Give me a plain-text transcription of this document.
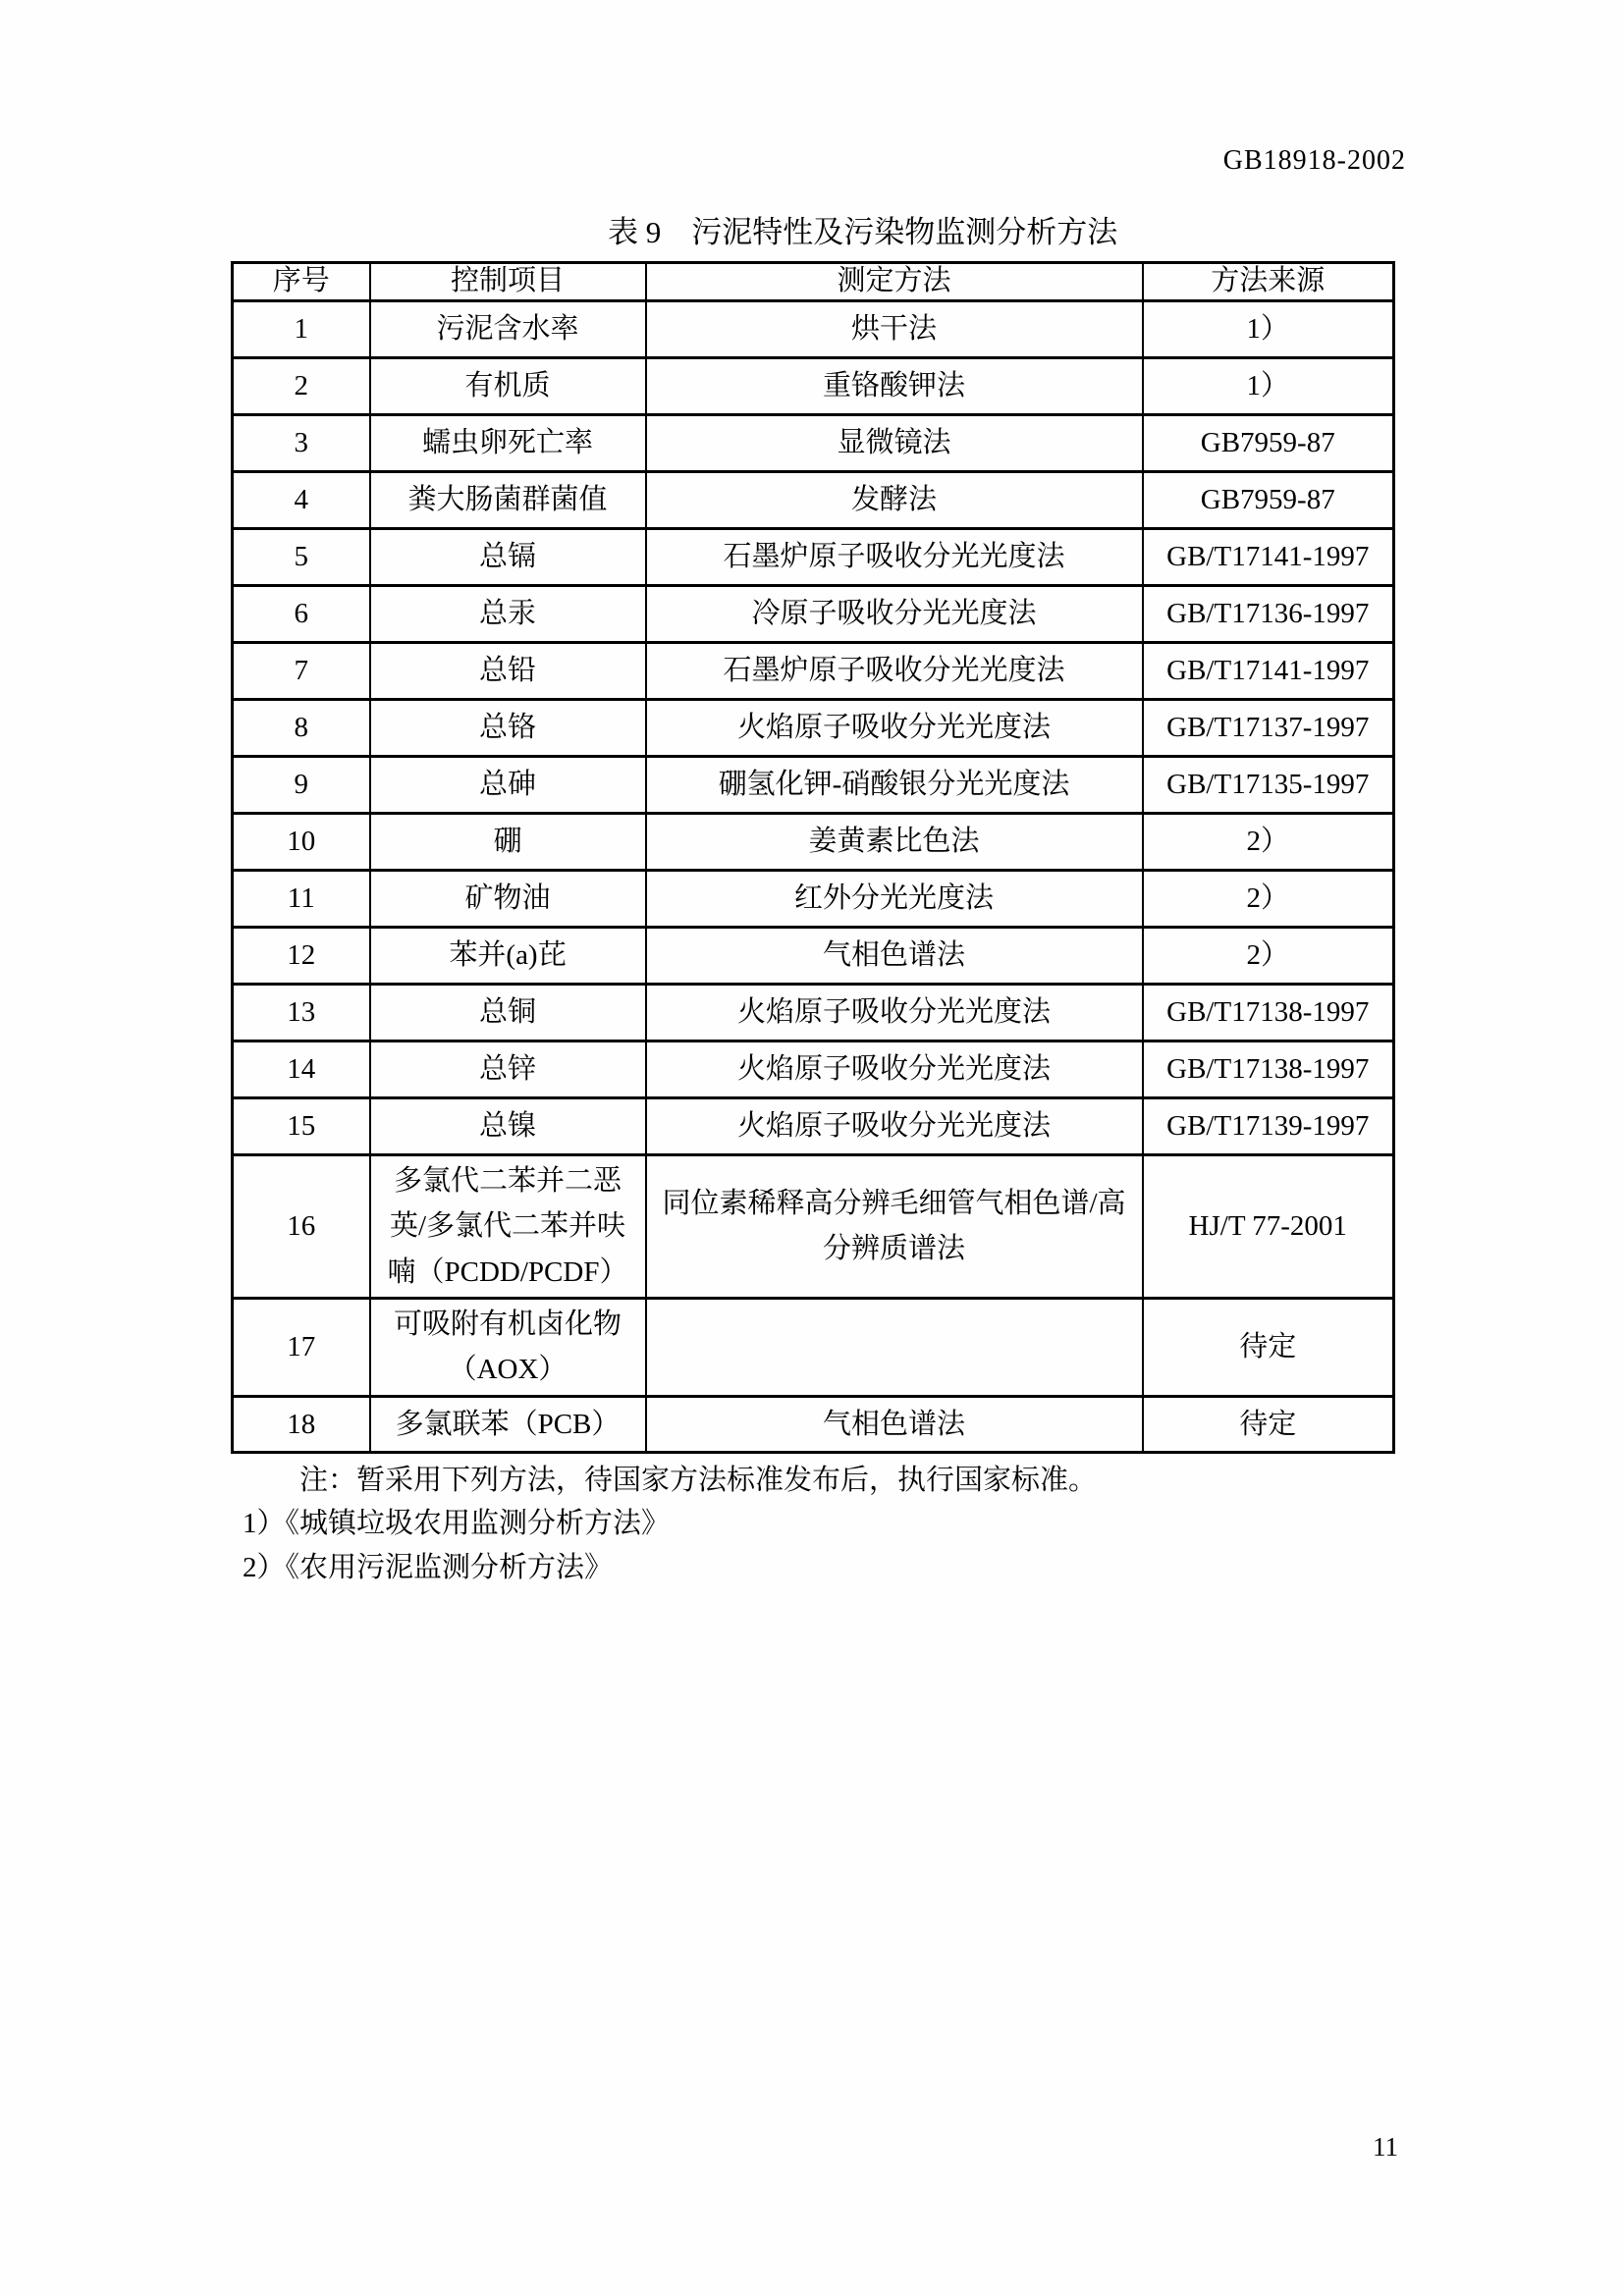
GB18918-2002
表 9　污泥特性及污染物监测分析方法
序号	控制项目	测定方法	方法来源
1	污泥含水率	烘干法	1）
2	有机质	重铬酸钾法	1）
3	蠕虫卵死亡率	显微镜法	GB7959-87
4	粪大肠菌群菌值	发酵法	GB7959-87
5	总镉	石墨炉原子吸收分光光度法	GB/T17141-1997
6	总汞	冷原子吸收分光光度法	GB/T17136-1997
7	总铅	石墨炉原子吸收分光光度法	GB/T17141-1997
8	总铬	火焰原子吸收分光光度法	GB/T17137-1997
9	总砷	硼氢化钾-硝酸银分光光度法	GB/T17135-1997
10	硼	姜黄素比色法	2）
11	矿物油	红外分光光度法	2）
12	苯并(a)芘	气相色谱法	2）
13	总铜	火焰原子吸收分光光度法	GB/T17138-1997
14	总锌	火焰原子吸收分光光度法	GB/T17138-1997
15	总镍	火焰原子吸收分光光度法	GB/T17139-1997
16	多氯代二苯并二恶英/多氯代二苯并呋喃（PCDD/PCDF）	同位素稀释高分辨毛细管气相色谱/高分辨质谱法	HJ/T 77-2001
17	可吸附有机卤化物（AOX）		待定
18	多氯联苯（PCB）	气相色谱法	待定
注：暂采用下列方法，待国家方法标准发布后，执行国家标准。
1）《城镇垃圾农用监测分析方法》
2）《农用污泥监测分析方法》
11
